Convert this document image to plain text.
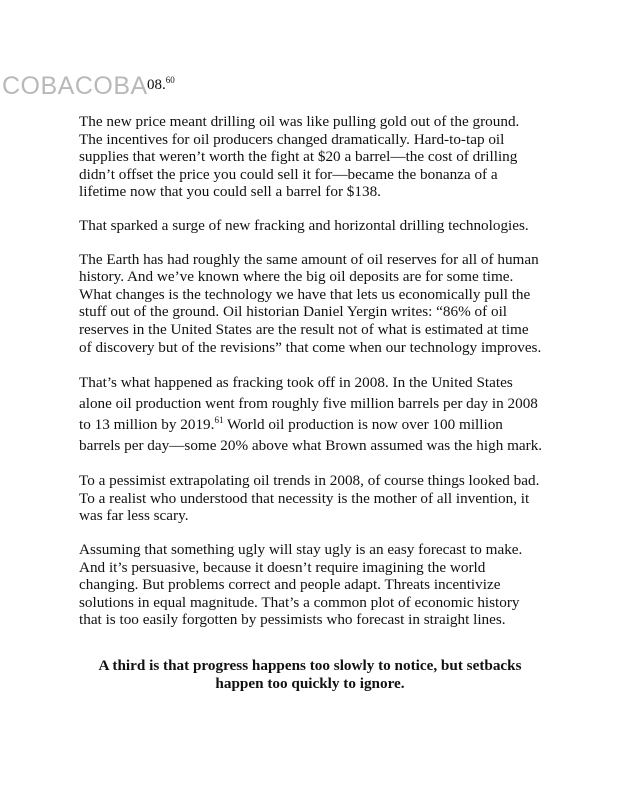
COBACOBA 08.60

The new price meant drilling oil was like pulling gold out of the ground. The incentives for oil producers changed dramatically. Hard-to-tap oil supplies that weren’t worth the fight at $20 a barrel—the cost of drilling didn’t offset the price you could sell it for—became the bonanza of a lifetime now that you could sell a barrel for $138.

That sparked a surge of new fracking and horizontal drilling technologies.

The Earth has had roughly the same amount of oil reserves for all of human history. And we’ve known where the big oil deposits are for some time. What changes is the technology we have that lets us economically pull the stuff out of the ground. Oil historian Daniel Yergin writes: “86% of oil reserves in the United States are the result not of what is estimated at time of discovery but of the revisions” that come when our technology improves.

That’s what happened as fracking took off in 2008. In the United States alone oil production went from roughly five million barrels per day in 2008 to 13 million by 2019.61 World oil production is now over 100 million barrels per day—some 20% above what Brown assumed was the high mark.

To a pessimist extrapolating oil trends in 2008, of course things looked bad. To a realist who understood that necessity is the mother of all invention, it was far less scary.

Assuming that something ugly will stay ugly is an easy forecast to make. And it’s persuasive, because it doesn’t require imagining the world changing. But problems correct and people adapt. Threats incentivize solutions in equal magnitude. That’s a common plot of economic history that is too easily forgotten by pessimists who forecast in straight lines.

A third is that progress happens too slowly to notice, but setbacks happen too quickly to ignore.
